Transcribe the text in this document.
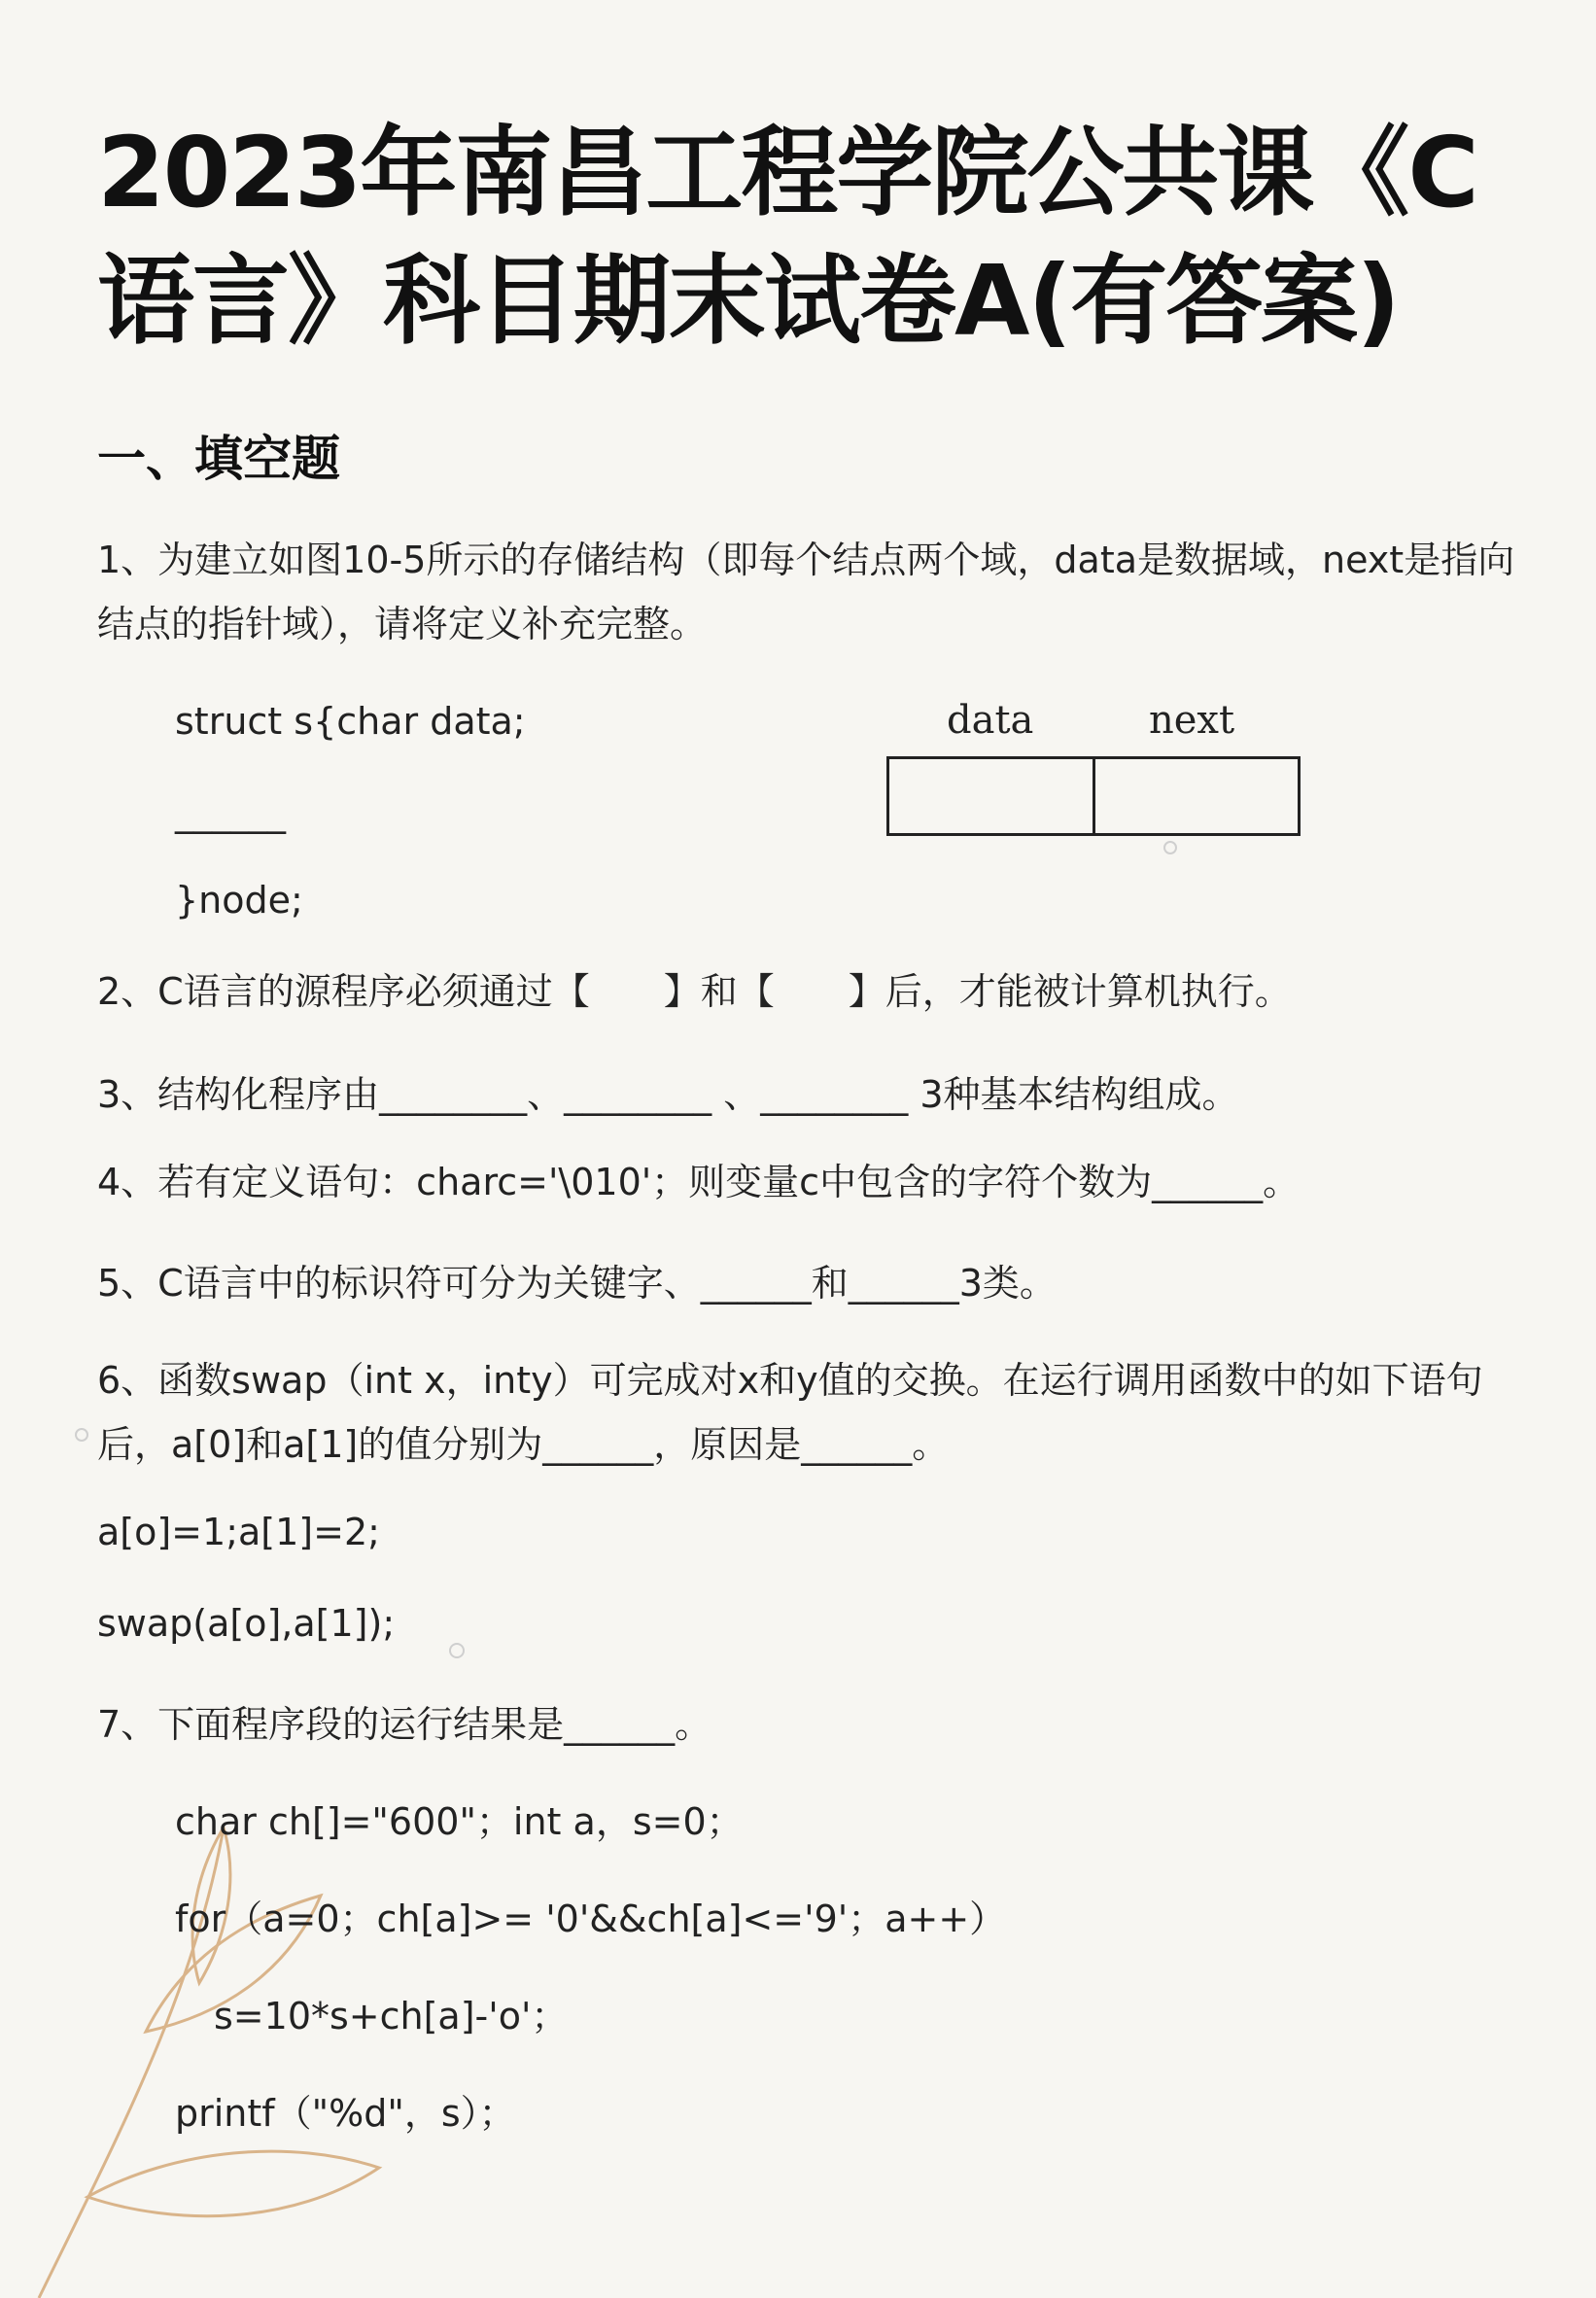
2023年南昌工程学院公共课《C语言》科目期末试卷A(有答案)
一、填空题
1、为建立如图10-5所示的存储结构（即每个结点两个域，data是数据域，next是指向结点的指针域），请将定义补充完整。
struct s{char data;
______
}node;
data	next
2、C语言的源程序必须通过【　　】和【　　】后，才能被计算机执行。
3、结构化程序由________、________ 、________ 3种基本结构组成。
4、若有定义语句：charc='\010'；则变量c中包含的字符个数为______。
5、C语言中的标识符可分为关键字、______和______3类。
6、函数swap（int x，inty）可完成对x和y值的交换。在运行调用函数中的如下语句后，a[0]和a[1]的值分别为______，原因是______。
a[o]=1;a[1]=2;
swap(a[o],a[1]);
7、下面程序段的运行结果是______。
char ch[]="600"；int a，s=0；
for（a=0；ch[a]>= '0'&&ch[a]<='9'；a++）
s=10*s+ch[a]-'o'；
printf（"%d"，s）；
